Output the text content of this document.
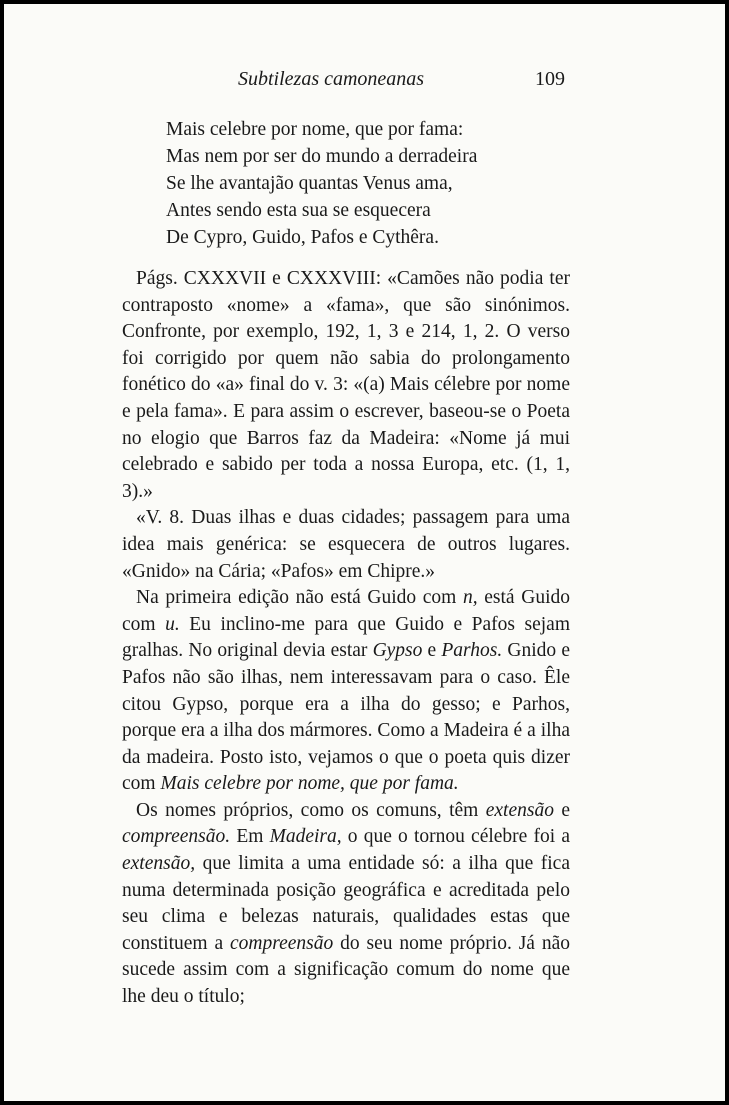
Subtilezas camoneanas	109
Mais celebre por nome, que por fama:
Mas nem por ser do mundo a derradeira
Se lhe avantajão quantas Venus ama,
Antes sendo esta sua se esquecera
De Cypro, Guido, Pafos e Cythêra.

Págs. CXXXVII e CXXXVIII: «Camões não podia ter contraposto «nome» a «fama», que são sinónimos. Confronte, por exemplo, 192, 1, 3 e 214, 1, 2. O verso foi corrigido por quem não sabia do prolongamento fonético do «a» final do v. 3: «(a) Mais célebre por nome e pela fama». E para assim o escrever, baseou-se o Poeta no elogio que Barros faz da Madeira: «Nome já mui celebrado e sabido per toda a nossa Europa, etc. (1, 1, 3).»

«V. 8. Duas ilhas e duas cidades; passagem para uma idea mais genérica: se esquecera de outros lugares. «Gnido» na Cária; «Pafos» em Chipre.»

Na primeira edição não está Guido com n, está Guido com u. Eu inclino-me para que Guido e Pafos sejam gralhas. No original devia estar Gypso e Parhos. Gnido e Pafos não são ilhas, nem interessavam para o caso. Êle citou Gypso, porque era a ilha do gesso; e Parhos, porque era a ilha dos mármores. Como a Madeira é a ilha da madeira. Posto isto, vejamos o que o poeta quis dizer com Mais celebre por nome, que por fama.

Os nomes próprios, como os comuns, têm extensão e compreensão. Em Madeira, o que o tornou célebre foi a extensão, que limita a uma entidade só: a ilha que fica numa determinada posição geográfica e acreditada pelo seu clima e belezas naturais, qualidades estas que constituem a compreensão do seu nome próprio. Já não sucede assim com a significação comum do nome que lhe deu o título;
